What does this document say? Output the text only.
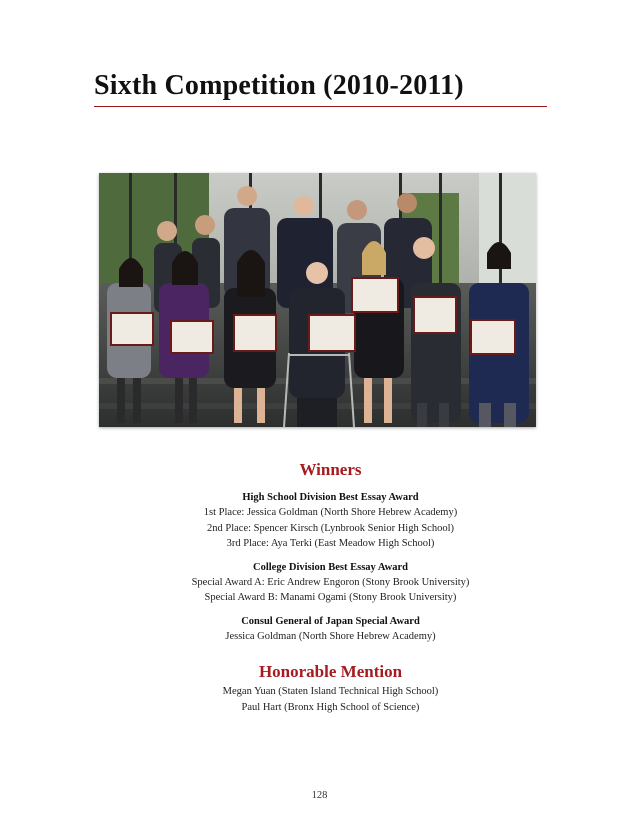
Sixth Competition (2010-2011)
Winners
High School Division Best Essay Award
1st Place: Jessica Goldman (North Shore Hebrew Academy)
2nd Place: Spencer Kirsch (Lynbrook Senior High School)
3rd Place: Aya Terki (East Meadow High School)
College Division Best Essay Award
Special Award A: Eric Andrew Engoron (Stony Brook University)
Special Award B: Manami Ogami (Stony Brook University)
Consul General of Japan Special Award
Jessica Goldman (North Shore Hebrew Academy)
Honorable Mention
Megan Yuan (Staten Island Technical High School)
Paul Hart (Bronx High School of Science)
128
